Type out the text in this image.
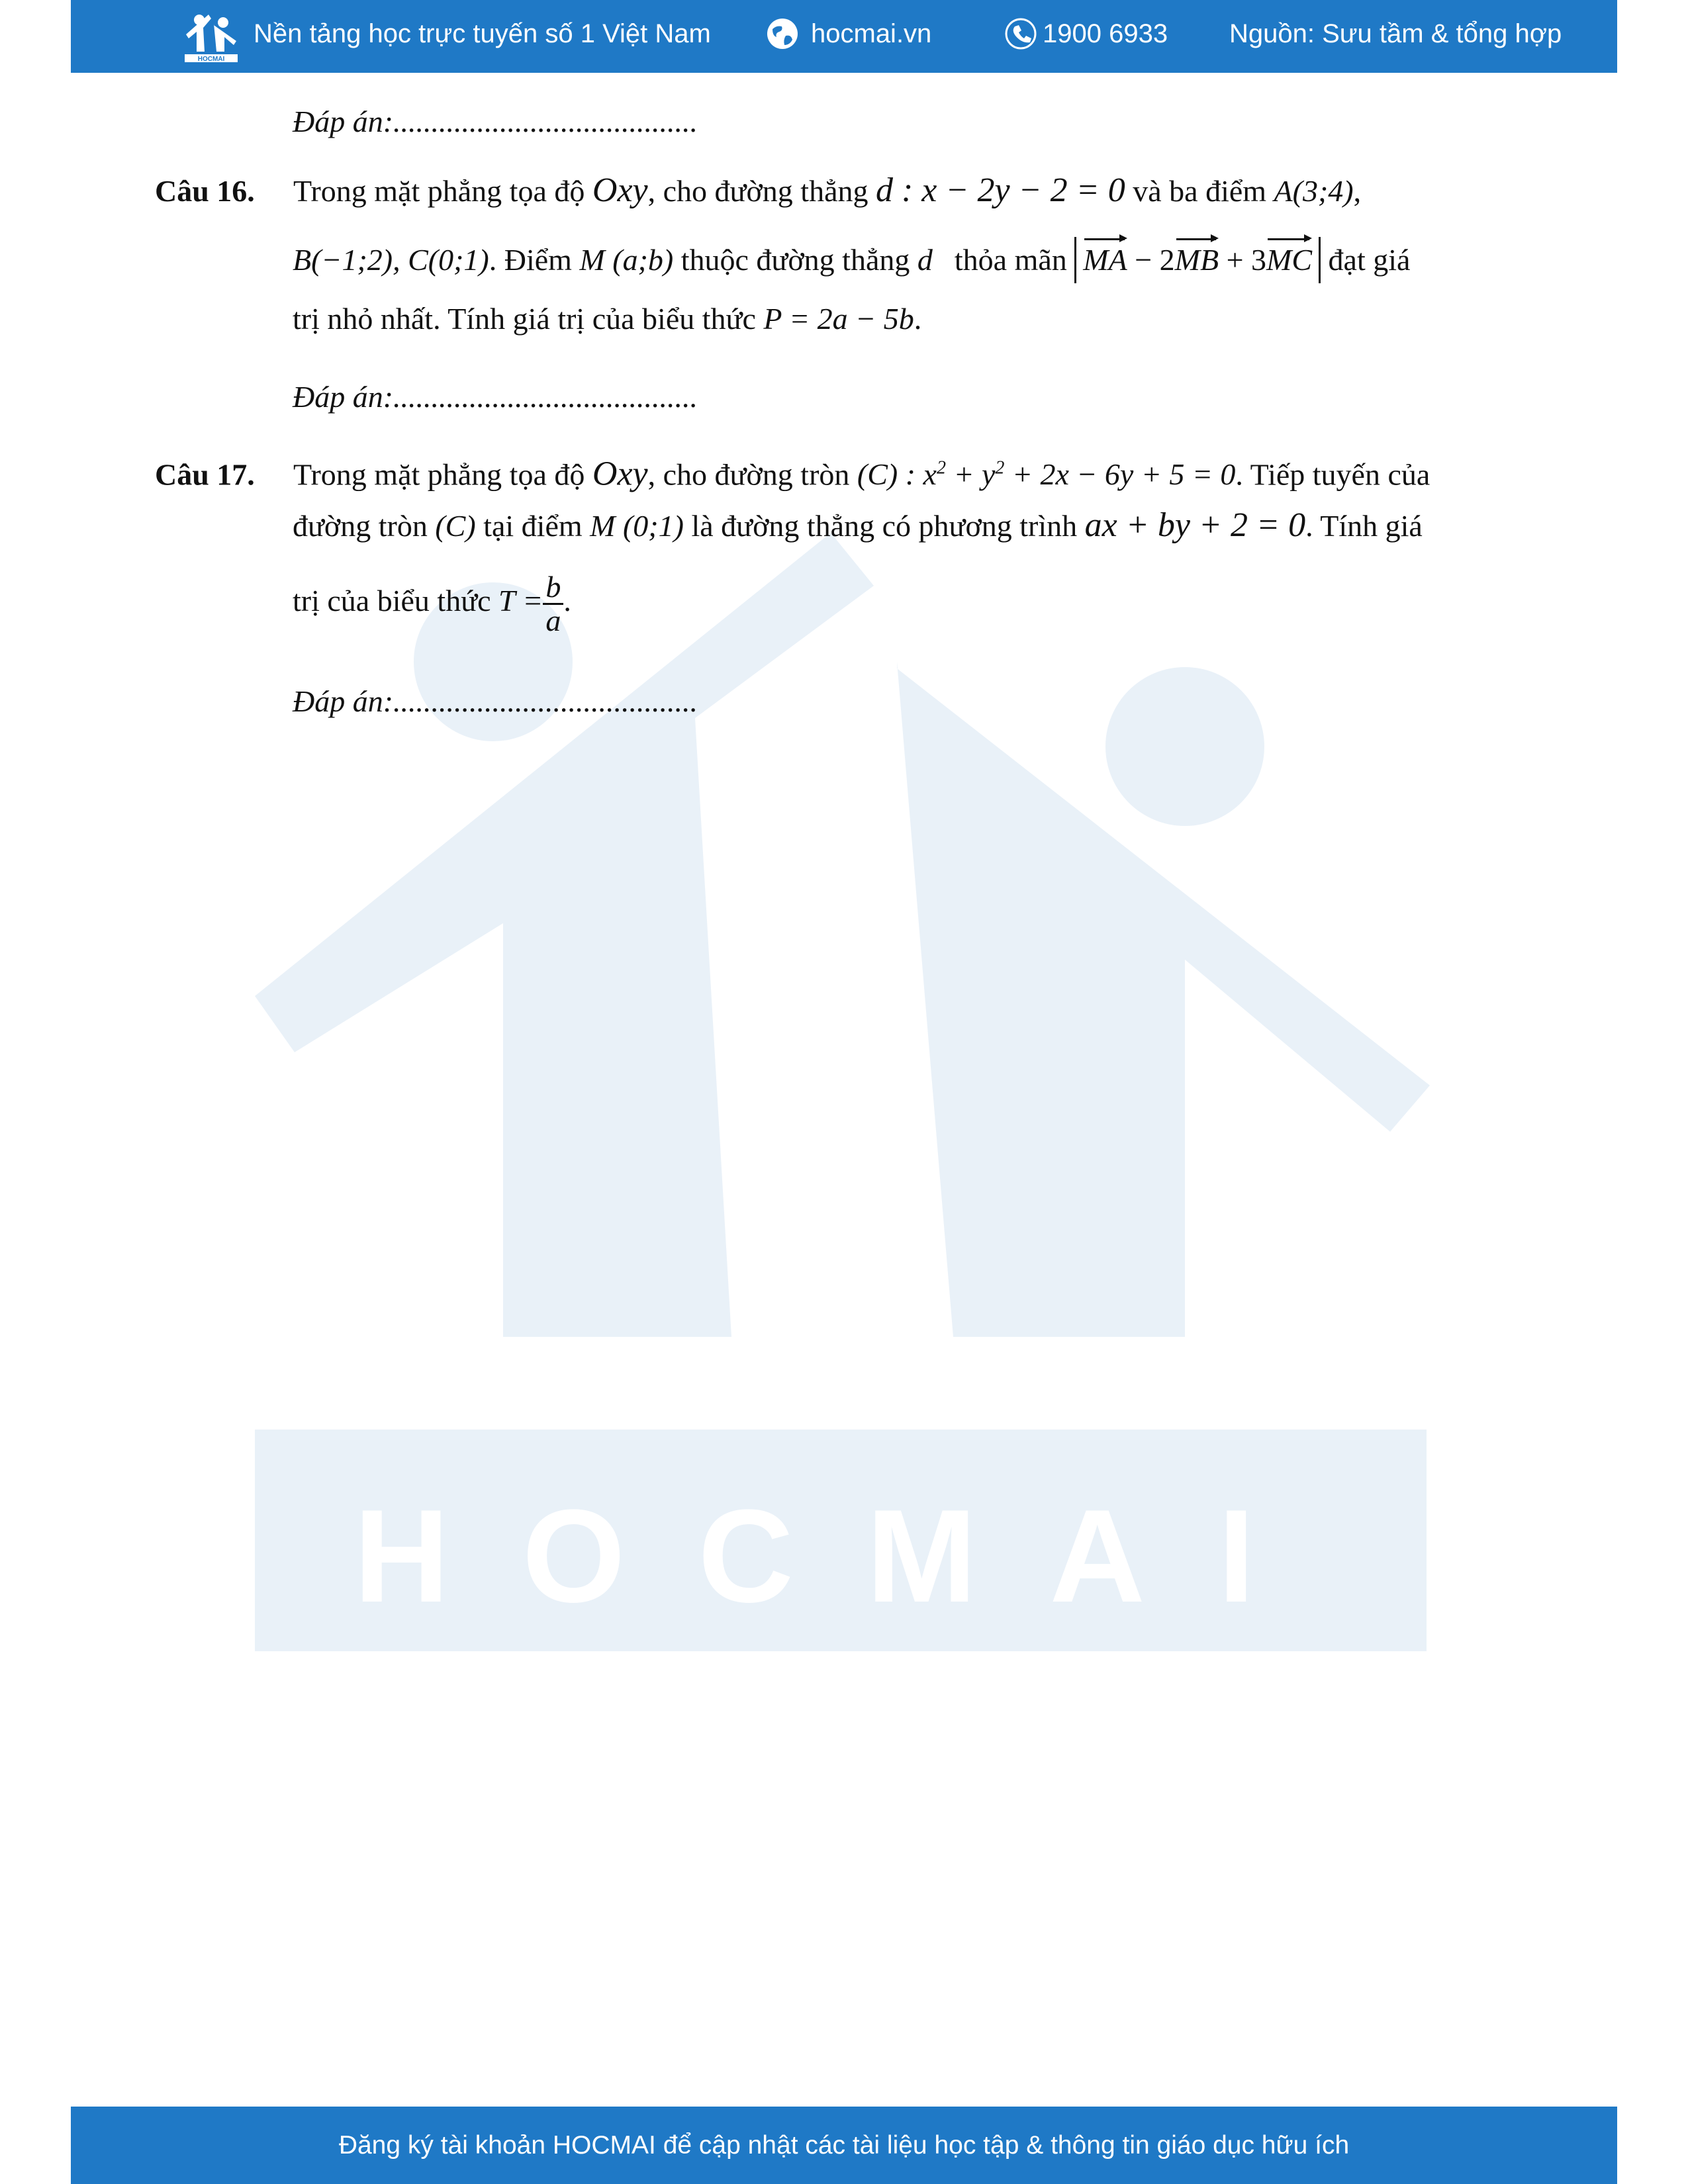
HOCMAI
HOCMAI
Nền tảng học trực tuyến số 1 Việt Nam	hocmai.vn	1900 6933 Nguồn: Sưu tầm & tổng hợp
Đáp án:........................................
Câu 16. Trong mặt phẳng tọa độ Oxy, cho đường thẳng d : x − 2y − 2 = 0 và ba điểm A(3;4),
B(−1;2), C(0;1). Điểm M (a;b) thuộc đường thẳng d thỏa mãn MA − 2MB + 3MC đạt giá
trị nhỏ nhất. Tính giá trị của biểu thức P = 2a − 5b.
Đáp án:........................................
Câu 17. Trong mặt phẳng tọa độ Oxy, cho đường tròn (C) : $x^2 + y^2 + 2x - 6y + 5 = 0$. Tiếp tuyến của
đường tròn (C) tại điểm M (0;1) là đường thẳng có phương trình ax + by + 2 = 0. Tính giá
trị của biểu thức $T = \frac{b}{a}$ .
Đáp án:........................................
Đăng ký tài khoản HOCMAI để cập nhật các tài liệu học tập & thông tin giáo dục hữu ích
